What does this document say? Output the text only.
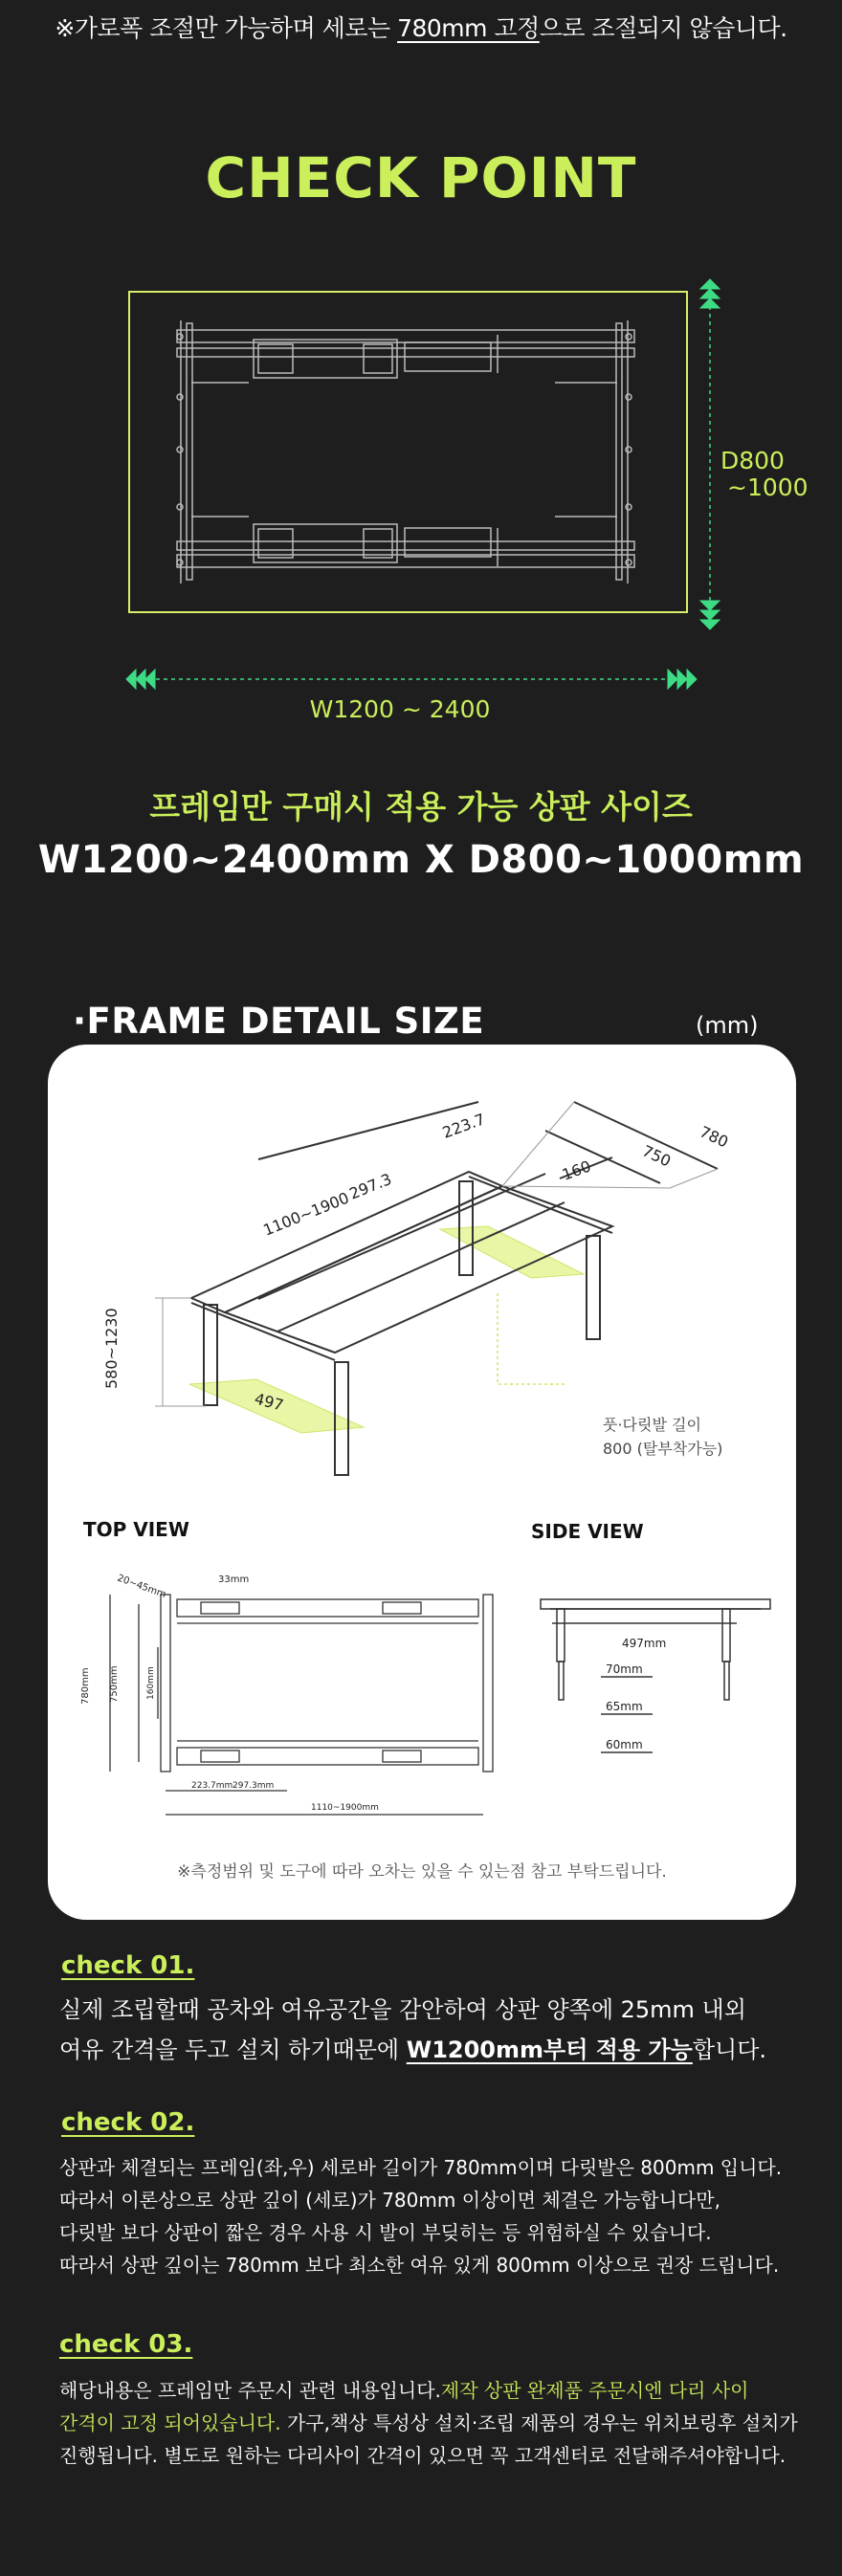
※가로폭 조절만 가능하며 세로는 780mm 고정으로 조절되지 않습니다.
CHECK POINT
D800
~1000
W1200 ~ 2400
프레임만 구매시 적용 가능 상판 사이즈
W1200~2400mm X D800~1000mm
·FRAME DETAIL SIZE	(mm)
780
750
223.7
160
1100~1900
297.3
580~1230
497
풋·다릿발 길이
800 (탈부착가능)
20~45mm	33mm
780mm 750mm	160mm
223.7mm 297.3mm
1110~1900mm
497mm
70mm
65mm
60mm
TOP VIEW	SIDE VIEW
※측정범위 및 도구에 따라 오차는 있을 수 있는점 참고 부탁드립니다.
check 01.
실제 조립할때 공차와 여유공간을 감안하여 상판 양쪽에 25mm 내외
여유 간격을 두고 설치 하기때문에 W1200mm부터 적용 가능합니다.
check 02.
상판과 체결되는 프레임(좌,우) 세로바 길이가 780mm이며 다릿발은 800mm 입니다.
따라서 이론상으로 상판 깊이 (세로)가 780mm 이상이면 체결은 가능합니다만,
다릿발 보다 상판이 짧은 경우 사용 시 발이 부딪히는 등 위험하실 수 있습니다.
따라서 상판 깊이는 780mm 보다 최소한 여유 있게 800mm 이상으로 권장 드립니다.
check 03.
해당내용은 프레임만 주문시 관련 내용입니다.제작 상판 완제품 주문시엔 다리 사이
간격이 고정 되어있습니다. 가구,책상 특성상 설치·조립 제품의 경우는 위치보링후 설치가
진행됩니다. 별도로 원하는 다리사이 간격이 있으면 꼭 고객센터로 전달해주셔야합니다.
